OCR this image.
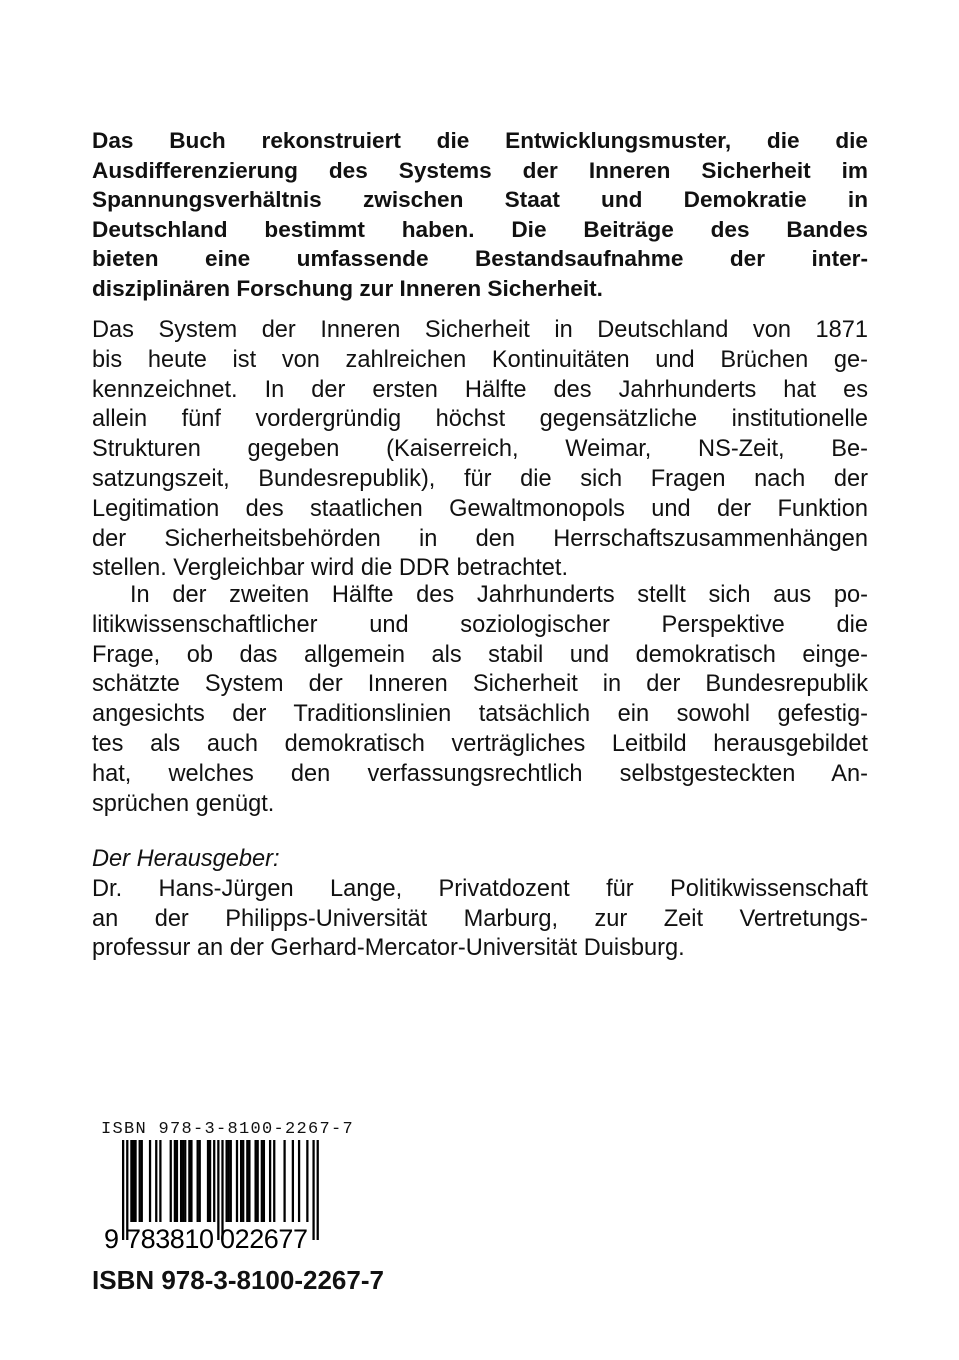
Das Buch rekonstruiert die Entwicklungsmuster, die die
Ausdifferenzierung des Systems der Inneren Sicherheit im
Spannungsverhältnis zwischen Staat und Demokratie in
Deutschland bestimmt haben. Die Beiträge des Bandes
bieten eine umfassende Bestandsaufnahme der inter-
disziplinären Forschung zur Inneren Sicherheit.
Das System der Inneren Sicherheit in Deutschland von 1871
bis heute ist von zahlreichen Kontinuitäten und Brüchen ge-
kennzeichnet. In der ersten Hälfte des Jahrhunderts hat es
allein fünf vordergründig höchst gegensätzliche institutionelle
Strukturen gegeben (Kaiserreich, Weimar, NS-Zeit, Be-
satzungszeit, Bundesrepublik), für die sich Fragen nach der
Legitimation des staatlichen Gewaltmonopols und der Funktion
der Sicherheitsbehörden in den Herrschaftszusammenhängen
stellen. Vergleichbar wird die DDR betrachtet.
In der zweiten Hälfte des Jahrhunderts stellt sich aus po-
litikwissenschaftlicher und soziologischer Perspektive die
Frage, ob das allgemein als stabil und demokratisch einge-
schätzte System der Inneren Sicherheit in der Bundesrepublik
angesichts der Traditionslinien tatsächlich ein sowohl gefestig-
tes als auch demokratisch verträgliches Leitbild herausgebildet
hat, welches den verfassungsrechtlich selbstgesteckten An-
sprüchen genügt.
Der Herausgeber:
Dr. Hans-Jürgen Lange, Privatdozent für Politikwissenschaft
an der Philipps-Universität Marburg, zur Zeit Vertretungs-
professur an der Gerhard-Mercator-Universität Duisburg.
ISBN 978-3-8100-2267-7
9 783810 022677
ISBN 978-3-8100-2267-7
